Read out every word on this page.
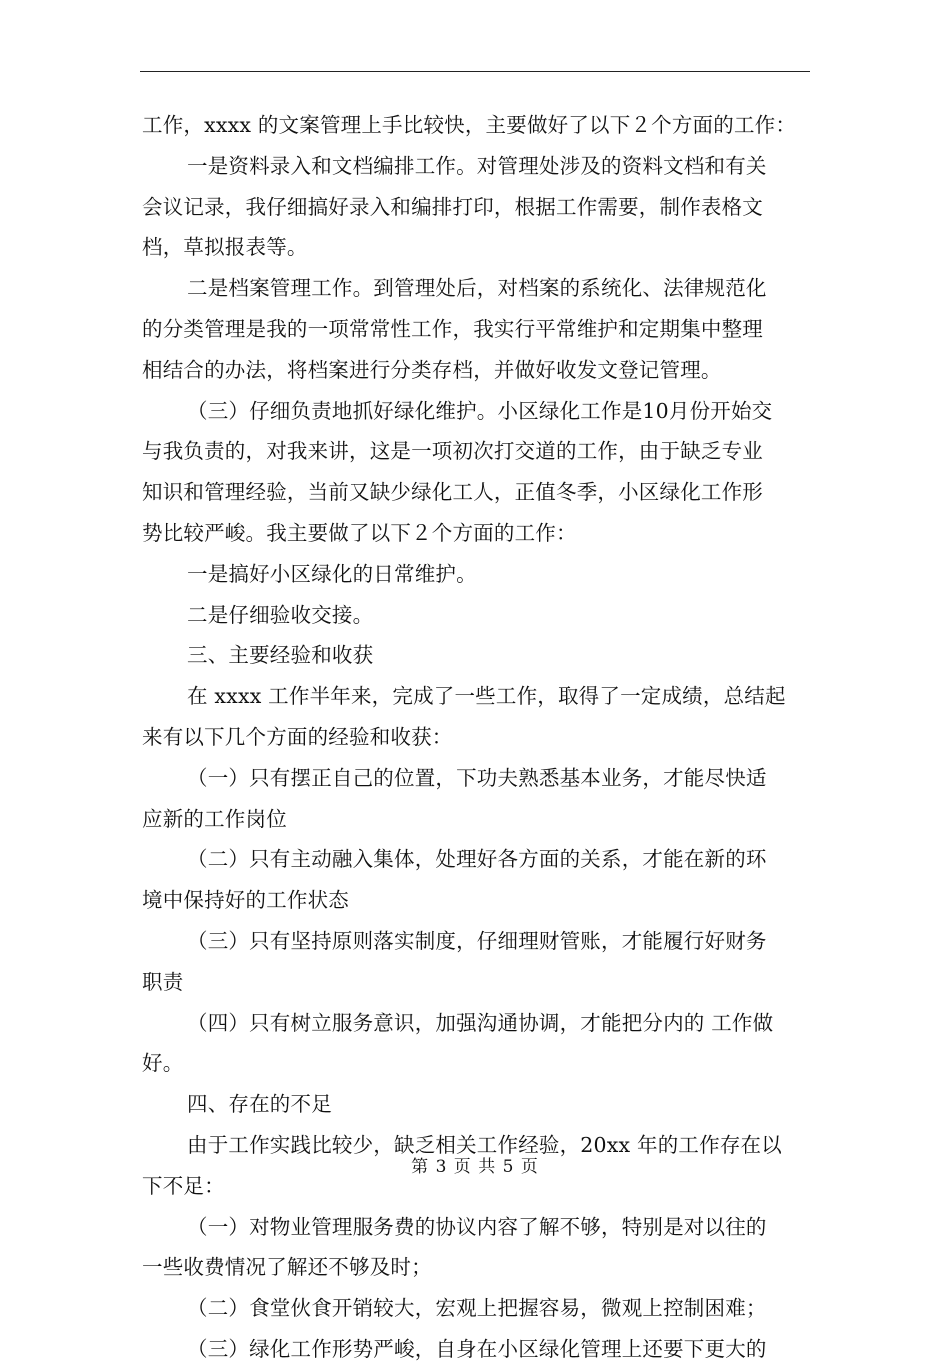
工作，xxxx 的文案管理上手比较快，主要做好了以下２个方面的工作：
一是资料录入和文档编排工作。对管理处涉及的资料文档和有关
会议记录，我仔细搞好录入和编排打印，根据工作需要，制作表格文
档，草拟报表等。
二是档案管理工作。到管理处后，对档案的系统化、法律规范化
的分类管理是我的一项常常性工作，我实行平常维护和定期集中整理
相结合的办法，将档案进行分类存档，并做好收发文登记管理。
（三）仔细负责地抓好绿化维护。小区绿化工作是10月份开始交
与我负责的，对我来讲，这是一项初次打交道的工作，由于缺乏专业
知识和管理经验，当前又缺少绿化工人，正值冬季，小区绿化工作形
势比较严峻。我主要做了以下２个方面的工作：
一是搞好小区绿化的日常维护。
二是仔细验收交接。
三、主要经验和收获
在 xxxx 工作半年来，完成了一些工作，取得了一定成绩，总结起
来有以下几个方面的经验和收获：
（一）只有摆正自己的位置，下功夫熟悉基本业务，才能尽快适
应新的工作岗位
（二）只有主动融入集体，处理好各方面的关系，才能在新的环
境中保持好的工作状态
（三）只有坚持原则落实制度，仔细理财管账，才能履行好财务
职责
（四）只有树立服务意识，加强沟通协调，才能把分内的 工作做
好。
四、存在的不足
由于工作实践比较少，缺乏相关工作经验，20xx 年的工作存在以
下不足：
（一）对物业管理服务费的协议内容了解不够，特别是对以往的
一些收费情况了解还不够及时；
（二）食堂伙食开销较大，宏观上把握容易，微观上控制困难；
（三）绿化工作形势严峻，自身在小区绿化管理上还要下更大的
第 3 页 共 5 页
